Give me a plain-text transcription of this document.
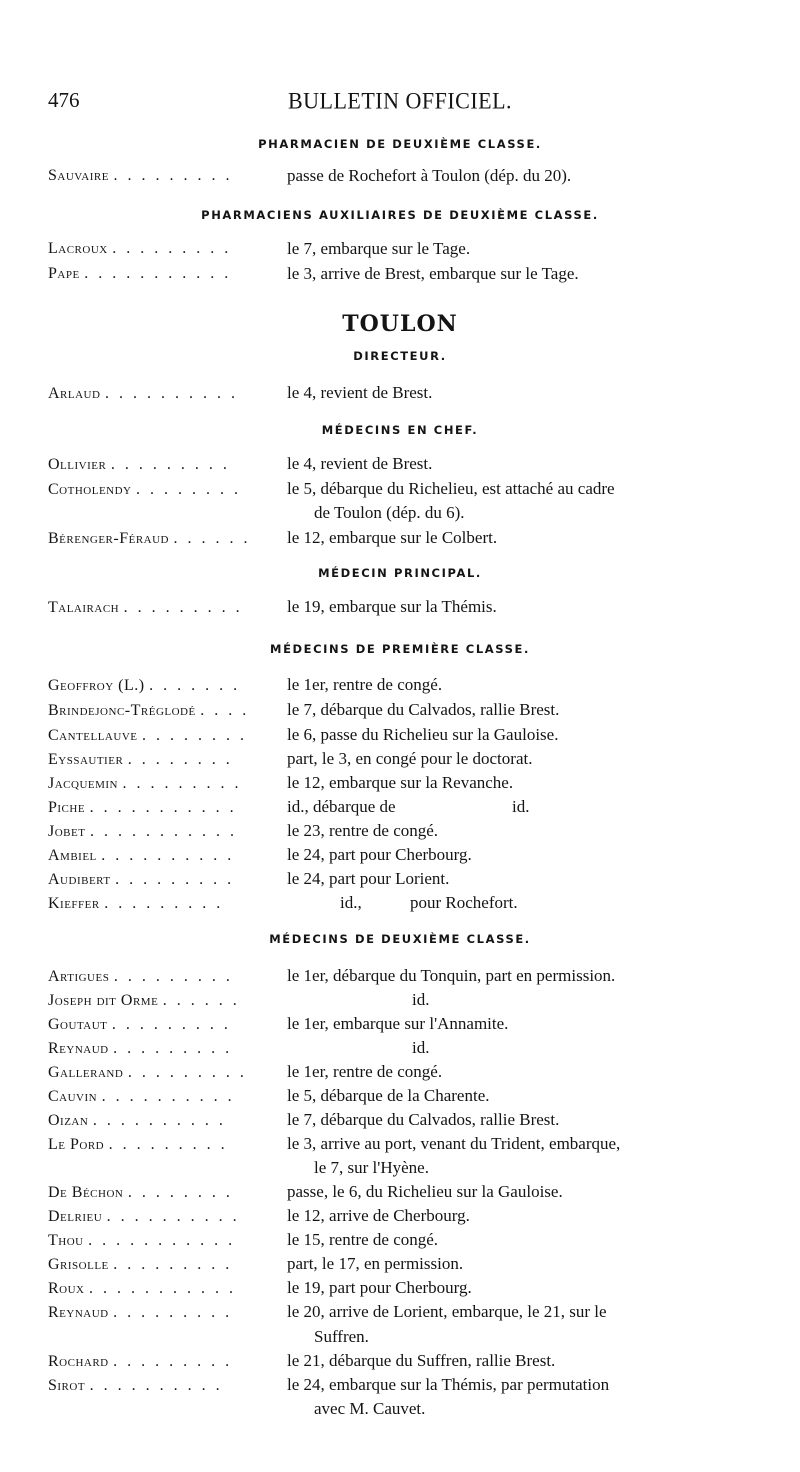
476	BULLETIN OFFICIEL.
PHARMACIEN DE DEUXIÈME CLASSE.
Sauvaire . . . . . . . . .	passe de Rochefort à Toulon (dép. du 20).
PHARMACIENS AUXILIAIRES DE DEUXIÈME CLASSE.
Lacroux . . . . . . . . .	le 7, embarque sur le Tage.
Pape . . . . . . . . . . .	le 3, arrive de Brest, embarque sur le Tage.
TOULON
DIRECTEUR.
Arlaud . . . . . . . . . .	le 4, revient de Brest.
MÉDECINS EN CHEF.
Ollivier . . . . . . . . .	le 4, revient de Brest.
Cotholendy . . . . . . . .	le 5, débarque du Richelieu, est attaché au cadre
de Toulon (dép. du 6).
Bérenger-Féraud . . . . . . le 12, embarque sur le Colbert.
MÉDECIN PRINCIPAL.
Talairach . . . . . . . . .	le 19, embarque sur la Thémis.
MÉDECINS DE PREMIÈRE CLASSE.
Geoffroy (L.) . . . . . . .	le 1er, rentre de congé.
Brindejonc-Tréglodé . . . . le 7, débarque du Calvados, rallie Brest.
Cantellauve . . . . . . . . le 6, passe du Richelieu sur la Gauloise.
Eyssautier . . . . . . . .	part, le 3, en congé pour le doctorat.
Jacquemin . . . . . . . . .	le 12, embarque sur la Revanche.
Piche . . . . . . . . . . .	id., débarque de	id.
Jobet . . . . . . . . . . .	le 23, rentre de congé.
Ambiel . . . . . . . . . .	le 24, part pour Cherbourg.
Audibert . . . . . . . . .	le 24, part pour Lorient.
Kieffer . . . . . . . . .	id.,	pour Rochefort.
MÉDECINS DE DEUXIÈME CLASSE.
Artigues . . . . . . . . .	le 1er, débarque du Tonquin, part en permission.
Joseph dit Orme . . . . . .	id.
Goutaut . . . . . . . . .	le 1er, embarque sur l'Annamite.
Reynaud . . . . . . . . .	id.
Gallerand . . . . . . . . . le 1er, rentre de congé.
Cauvin . . . . . . . . . .	le 5, débarque de la Charente.
Oizan . . . . . . . . . .	le 7, débarque du Calvados, rallie Brest.
Le Pord . . . . . . . . .	le 3, arrive au port, venant du Trident, embarque,
le 7, sur l'Hyène.
De Béchon . . . . . . . .	passe, le 6, du Richelieu sur la Gauloise.
Delrieu . . . . . . . . . .	le 12, arrive de Cherbourg.
Thou . . . . . . . . . . .	le 15, rentre de congé.
Grisolle . . . . . . . . .	part, le 17, en permission.
Roux . . . . . . . . . . .	le 19, part pour Cherbourg.
Reynaud . . . . . . . . .	le 20, arrive de Lorient, embarque, le 21, sur le
Suffren.
Rochard . . . . . . . . .	le 21, débarque du Suffren, rallie Brest.
Sirot . . . . . . . . . .	le 24, embarque sur la Thémis, par permutation
avec M. Cauvet.
